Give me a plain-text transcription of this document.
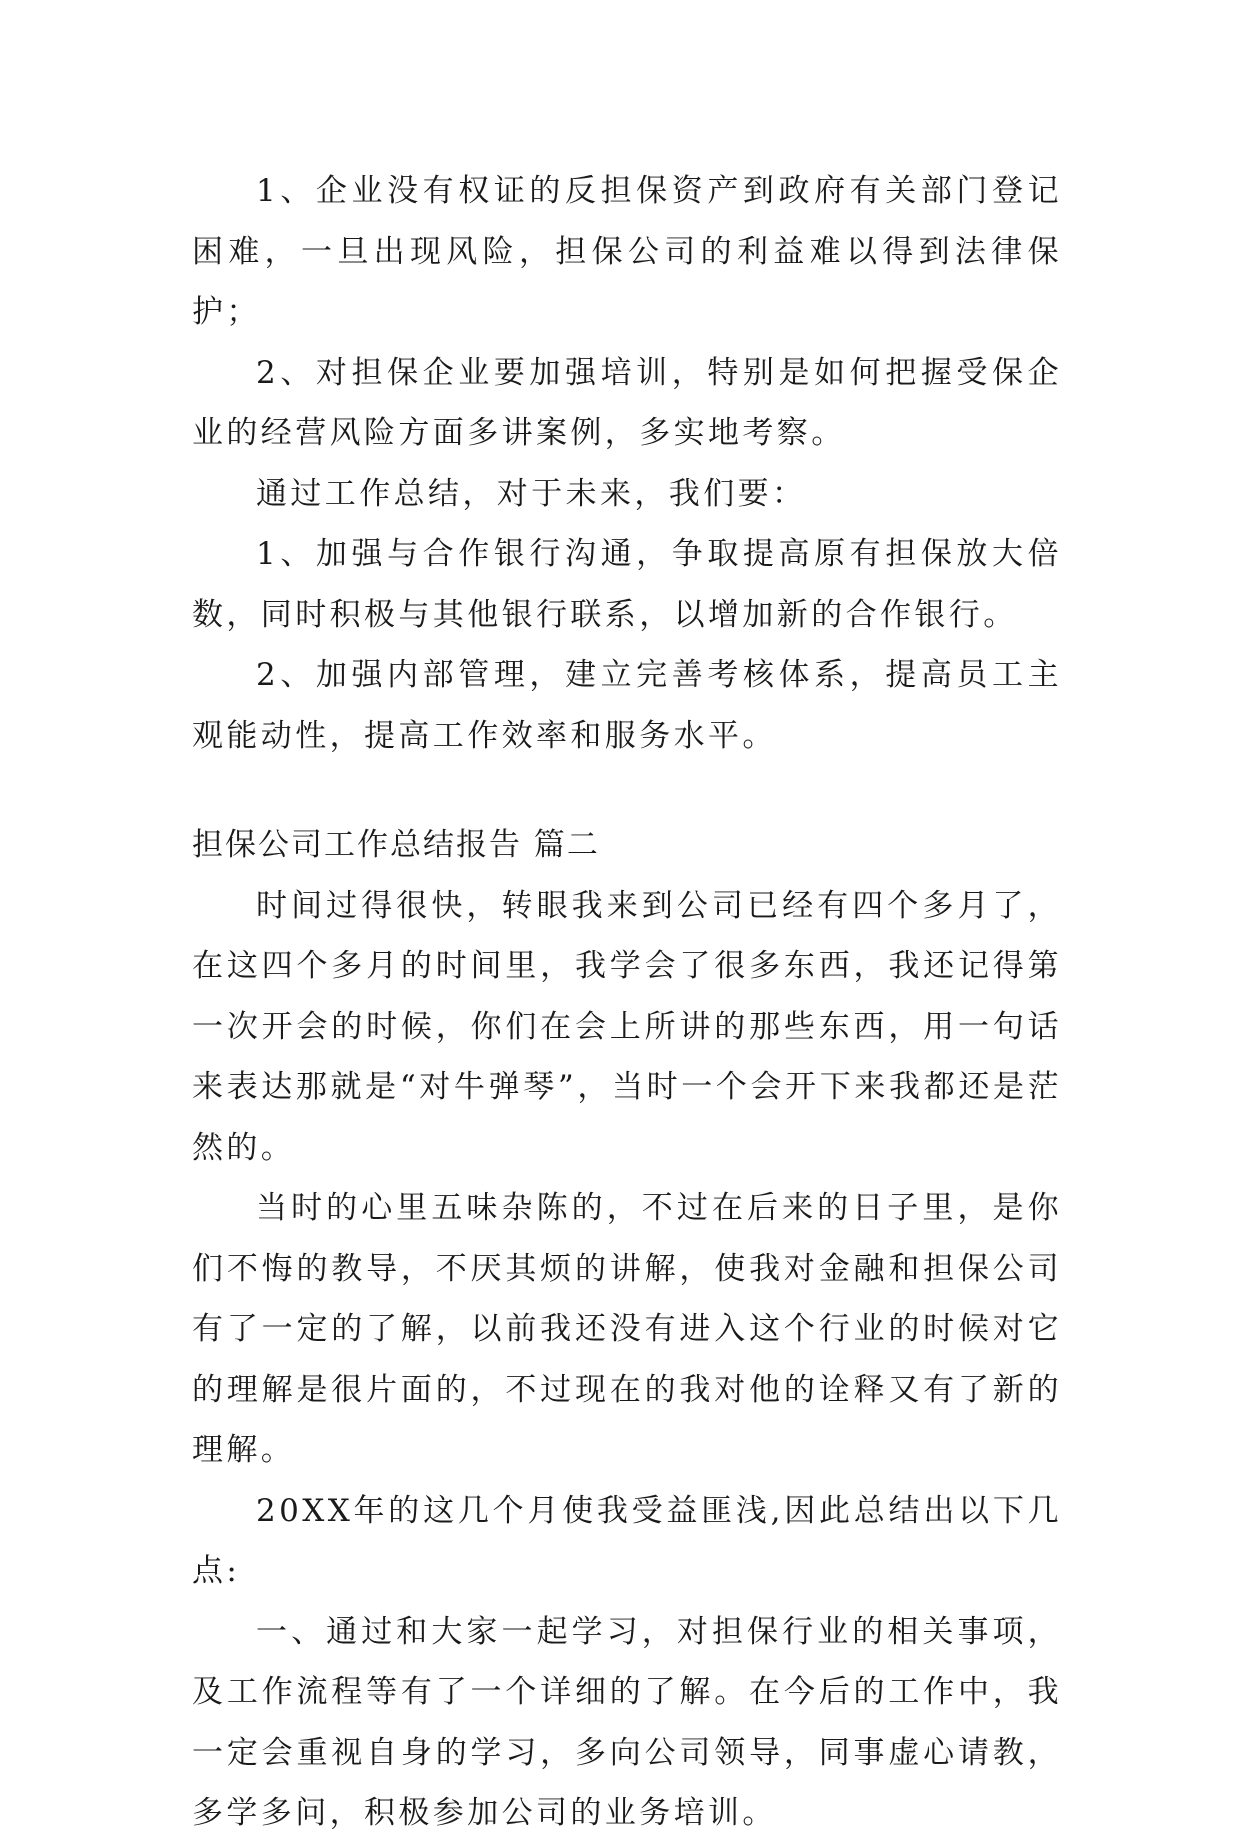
1、企业没有权证的反担保资产到政府有关部门登记困难，一旦出现风险，担保公司的利益难以得到法律保护；

2、对担保企业要加强培训，特别是如何把握受保企业的经营风险方面多讲案例，多实地考察。

通过工作总结，对于未来，我们要：

1、加强与合作银行沟通，争取提高原有担保放大倍数，同时积极与其他银行联系，以增加新的合作银行。

2、加强内部管理，建立完善考核体系，提高员工主观能动性，提高工作效率和服务水平。

担保公司工作总结报告 篇二

时间过得很快，转眼我来到公司已经有四个多月了，在这四个多月的时间里，我学会了很多东西，我还记得第一次开会的时候，你们在会上所讲的那些东西，用一句话来表达那就是“对牛弹琴”，当时一个会开下来我都还是茫然的。

当时的心里五味杂陈的，不过在后来的日子里，是你们不悔的教导，不厌其烦的讲解，使我对金融和担保公司有了一定的了解，以前我还没有进入这个行业的时候对它的理解是很片面的，不过现在的我对他的诠释又有了新的理解。

20XX年的这几个月使我受益匪浅,因此总结出以下几点:

一、通过和大家一起学习，对担保行业的相关事项，及工作流程等有了一个详细的了解。在今后的工作中，我一定会重视自身的学习，多向公司领导，同事虚心请教，多学多问，积极参加公司的业务培训。
